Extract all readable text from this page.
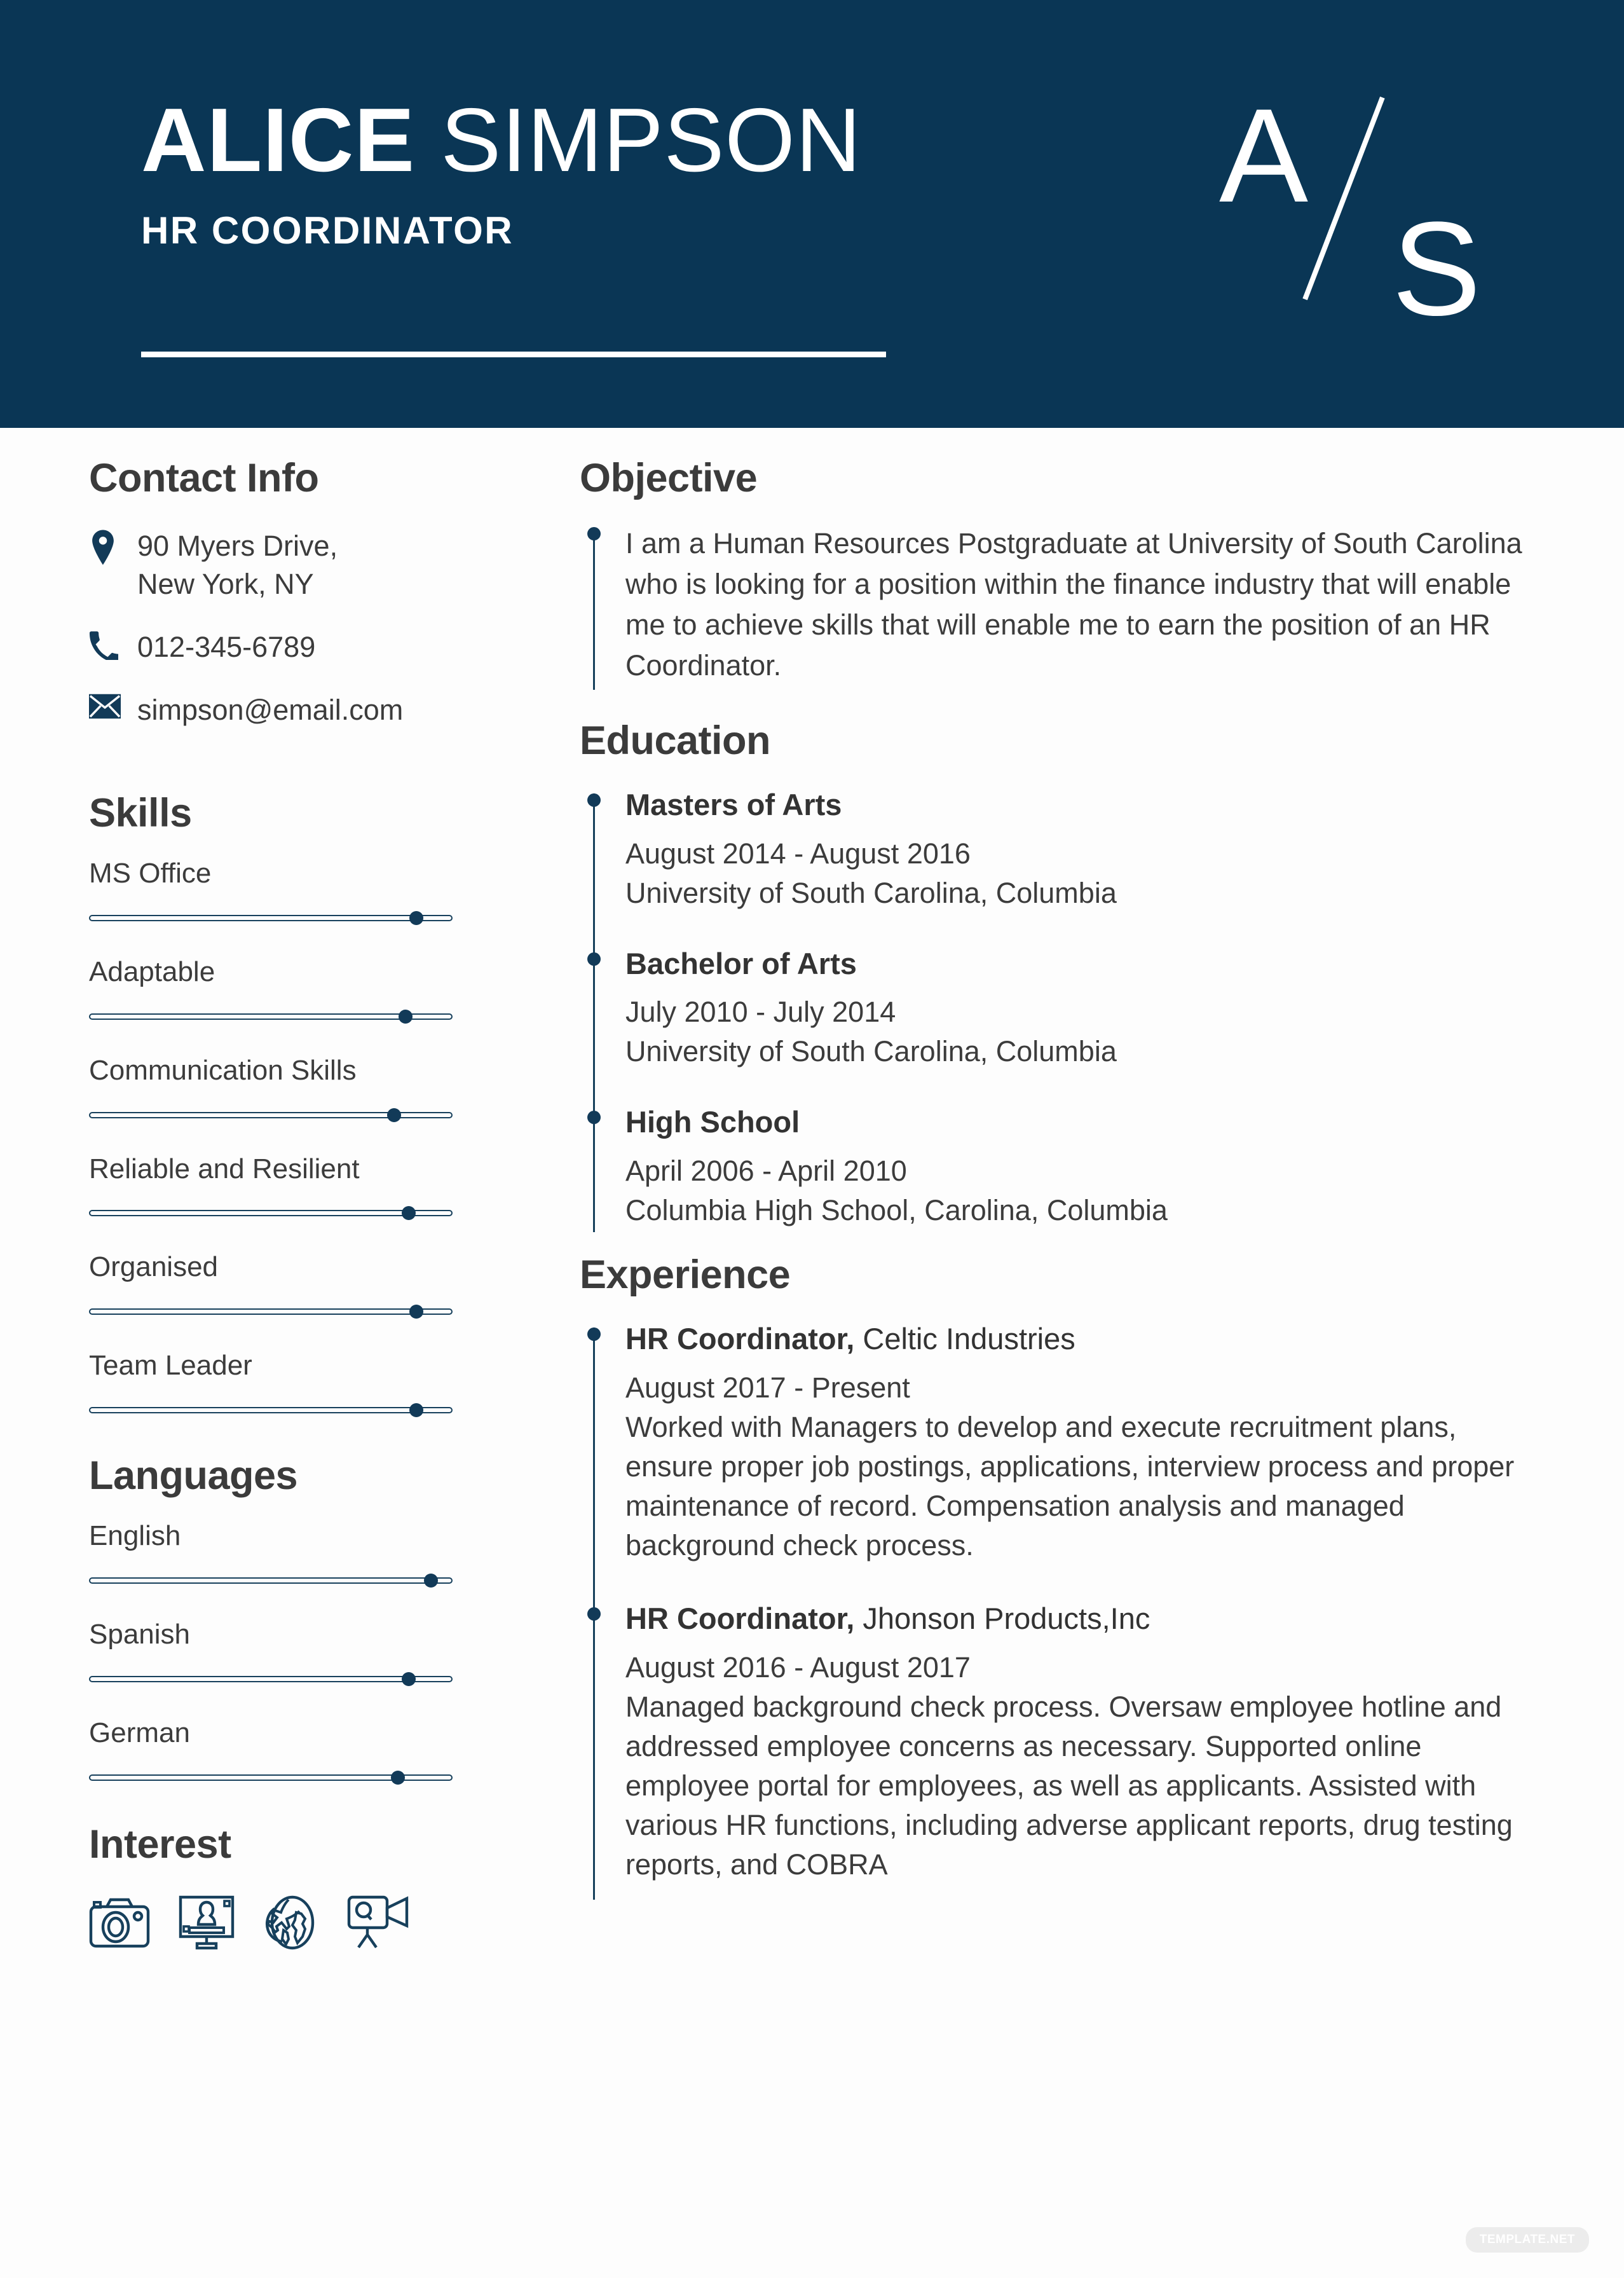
ALICE SIMPSON
HR COORDINATOR
A
S
Contact Info
90 Myers Drive,
New York, NY
012-345-6789
simpson@email.com
Skills
MS Office
Adaptable
Communication Skills
Reliable and Resilient
Organised
Team Leader
Languages
English
Spanish
German
Interest
Objective
I am a Human Resources Postgraduate at University of South Carolina who is looking for a position within the finance industry that will enable me to achieve skills that will enable me to earn the position of an HR Coordinator.
Education
Masters of Arts
August 2014 - August 2016
University of South Carolina, Columbia
Bachelor of Arts
July 2010 - July 2014
University of South Carolina, Columbia
High School
April 2006 - April 2010
Columbia High School, Carolina, Columbia
Experience
HR Coordinator, Celtic Industries
August 2017 - Present
Worked with Managers to develop and execute recruitment plans, ensure proper job postings, applications, interview process and proper maintenance of record. Compensation analysis and managed background check process.
HR Coordinator, Jhonson Products,Inc
August 2016 - August 2017
Managed background check process. Oversaw employee hotline and addressed employee concerns as necessary. Supported online employee portal for employees, as well as applicants. Assisted with various HR functions, including adverse applicant reports, drug testing reports, and COBRA
TEMPLATE.NET
